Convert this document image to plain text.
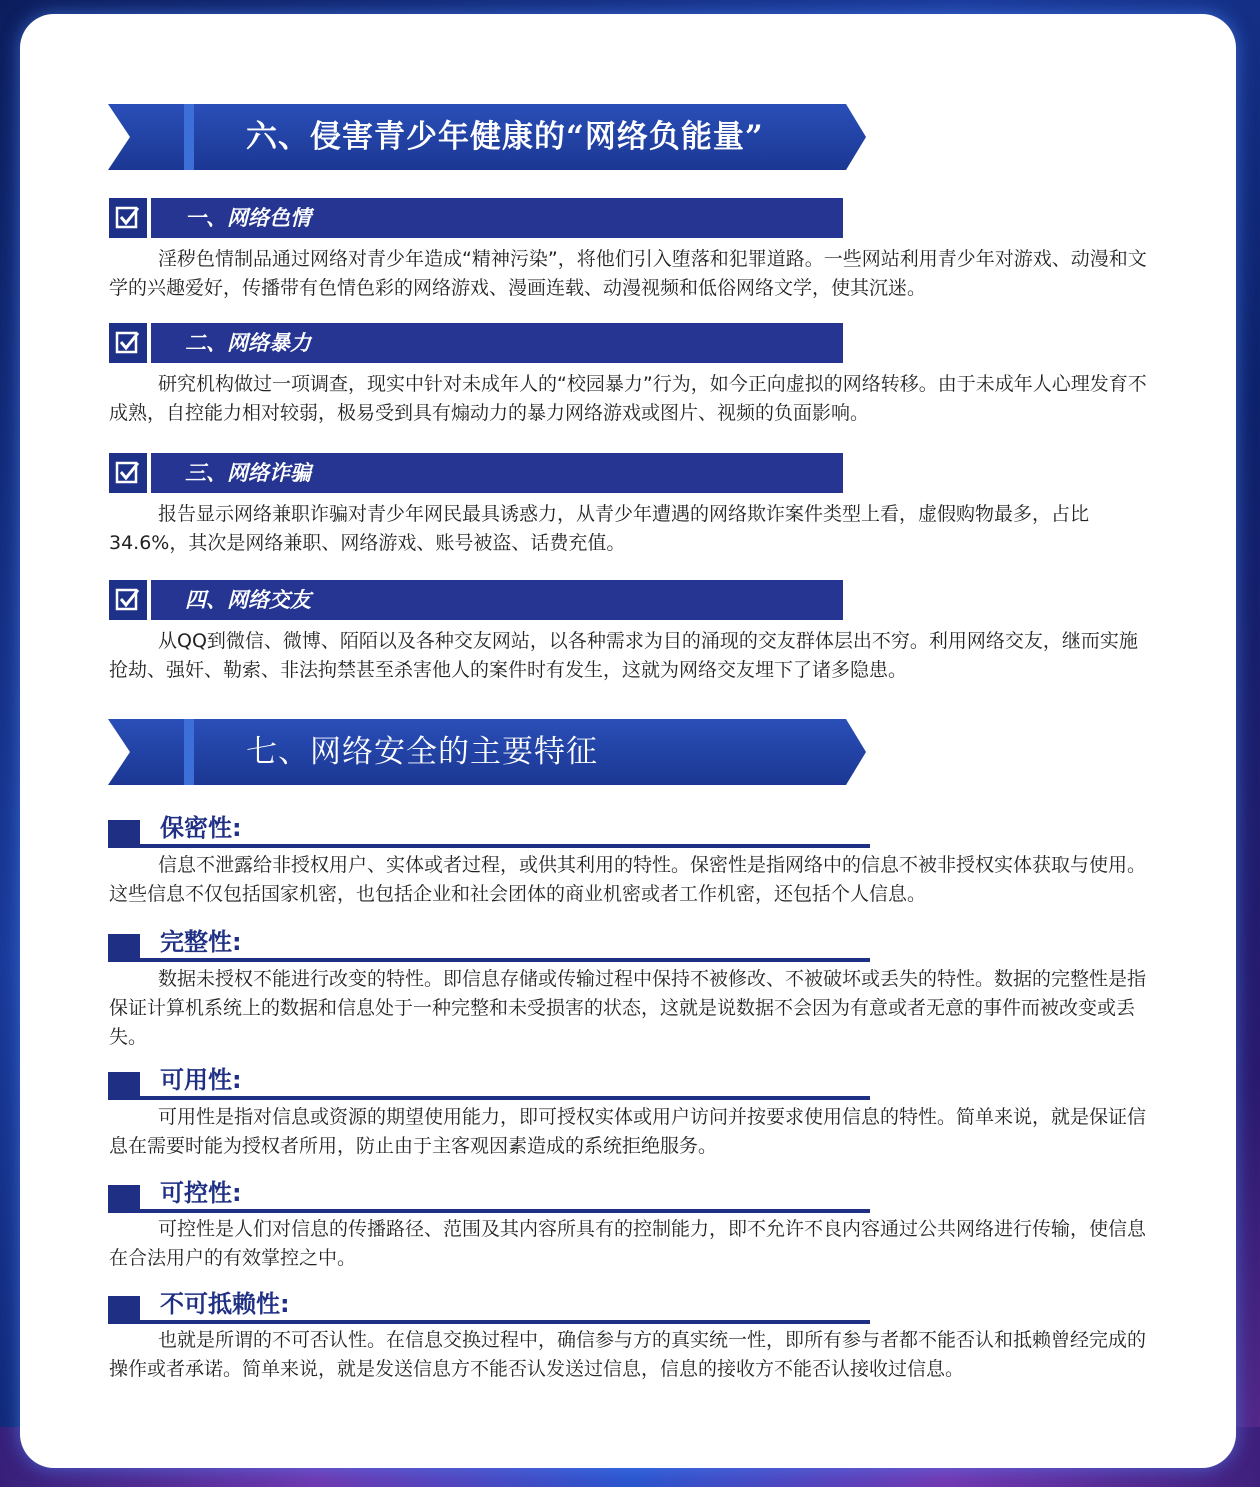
六、侵害青少年健康的“网络负能量”
一、网络色情

淫秽色情制品通过网络对青少年造成“精神污染”，将他们引入堕落和犯罪道路。一些网站利用青少年对游戏、动漫和文学的兴趣爱好，传播带有色情色彩的网络游戏、漫画连载、动漫视频和低俗网络文学，使其沉迷。

二、网络暴力

研究机构做过一项调查，现实中针对未成年人的“校园暴力”行为，如今正向虚拟的网络转移。由于未成年人心理发育不成熟，自控能力相对较弱，极易受到具有煽动力的暴力网络游戏或图片、视频的负面影响。

三、网络诈骗

报告显示网络兼职诈骗对青少年网民最具诱惑力，从青少年遭遇的网络欺诈案件类型上看，虚假购物最多，占比34.6%，其次是网络兼职、网络游戏、账号被盗、话费充值。

四、网络交友

从QQ到微信、微博、陌陌以及各种交友网站，以各种需求为目的涌现的交友群体层出不穷。利用网络交友，继而实施抢劫、强奸、勒索、非法拘禁甚至杀害他人的案件时有发生，这就为网络交友埋下了诸多隐患。

七、网络安全的主要特征
保密性:

信息不泄露给非授权用户、实体或者过程，或供其利用的特性。保密性是指网络中的信息不被非授权实体获取与使用。这些信息不仅包括国家机密，也包括企业和社会团体的商业机密或者工作机密，还包括个人信息。

完整性:

数据未授权不能进行改变的特性。即信息存储或传输过程中保持不被修改、不被破坏或丢失的特性。数据的完整性是指保证计算机系统上的数据和信息处于一种完整和未受损害的状态，这就是说数据不会因为有意或者无意的事件而被改变或丢失。

可用性:

可用性是指对信息或资源的期望使用能力，即可授权实体或用户访问并按要求使用信息的特性。简单来说，就是保证信息在需要时能为授权者所用，防止由于主客观因素造成的系统拒绝服务。

可控性:

可控性是人们对信息的传播路径、范围及其内容所具有的控制能力，即不允许不良内容通过公共网络进行传输，使信息在合法用户的有效掌控之中。

不可抵赖性:

也就是所谓的不可否认性。在信息交换过程中，确信参与方的真实统一性，即所有参与者都不能否认和抵赖曾经完成的操作或者承诺。简单来说，就是发送信息方不能否认发送过信息，信息的接收方不能否认接收过信息。
